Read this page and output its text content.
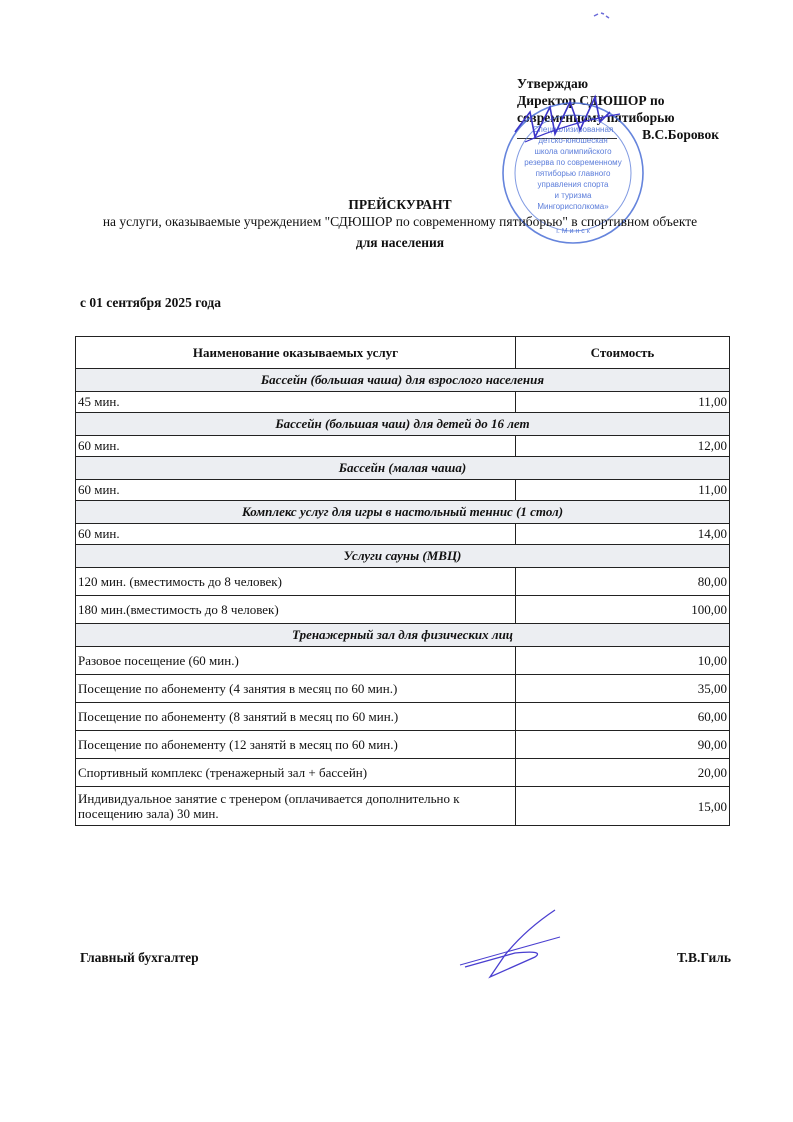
Утверждаю
Директор СДЮШОР по
современному пятиборью
В.С.Боровок
Специализированная
детско-юношеская
школа олимпийского
резерва по современному
пятиборью главного
управления спорта
и туризма
Мингорисполкома»
г. М и н с к
ПРЕЙСКУРАНТ
на услуги, оказываемые учреждением "СДЮШОР по современному пятиборью" в спортивном объекте
для населения
с 01 сентября 2025 года
Наименование оказываемых услуг	Стоимость
Бассейн (большая чаша) для взрослого населения	
45 мин.	11,00
Бассейн (большая чаш) для детей до 16 лет	
60 мин.	12,00
Бассейн (малая чаша)	
60 мин.	11,00
Комплекс услуг для игры в настольный теннис (1 стол)	
60 мин.	14,00
Услуги сауны (МВЦ)	
120 мин. (вместимость до 8 человек)	80,00
180 мин.(вместимость до 8 человек)	100,00
Тренажерный зал для физических лиц	
Разовое посещение (60 мин.)	10,00
Посещение по абонементу (4 занятия в месяц по 60 мин.)	35,00
Посещение по абонементу (8 занятий в месяц по 60 мин.)	60,00
Посещение по абонементу (12 занятй в месяц по 60 мин.)	90,00
Спортивный комплекс (тренажерный зал + бассейн)	20,00
Индивидуальное занятие с тренером (оплачивается дополнительно к посещению зала) 30 мин.	15,00
Главный бухгалтер	Т.В.Гиль
